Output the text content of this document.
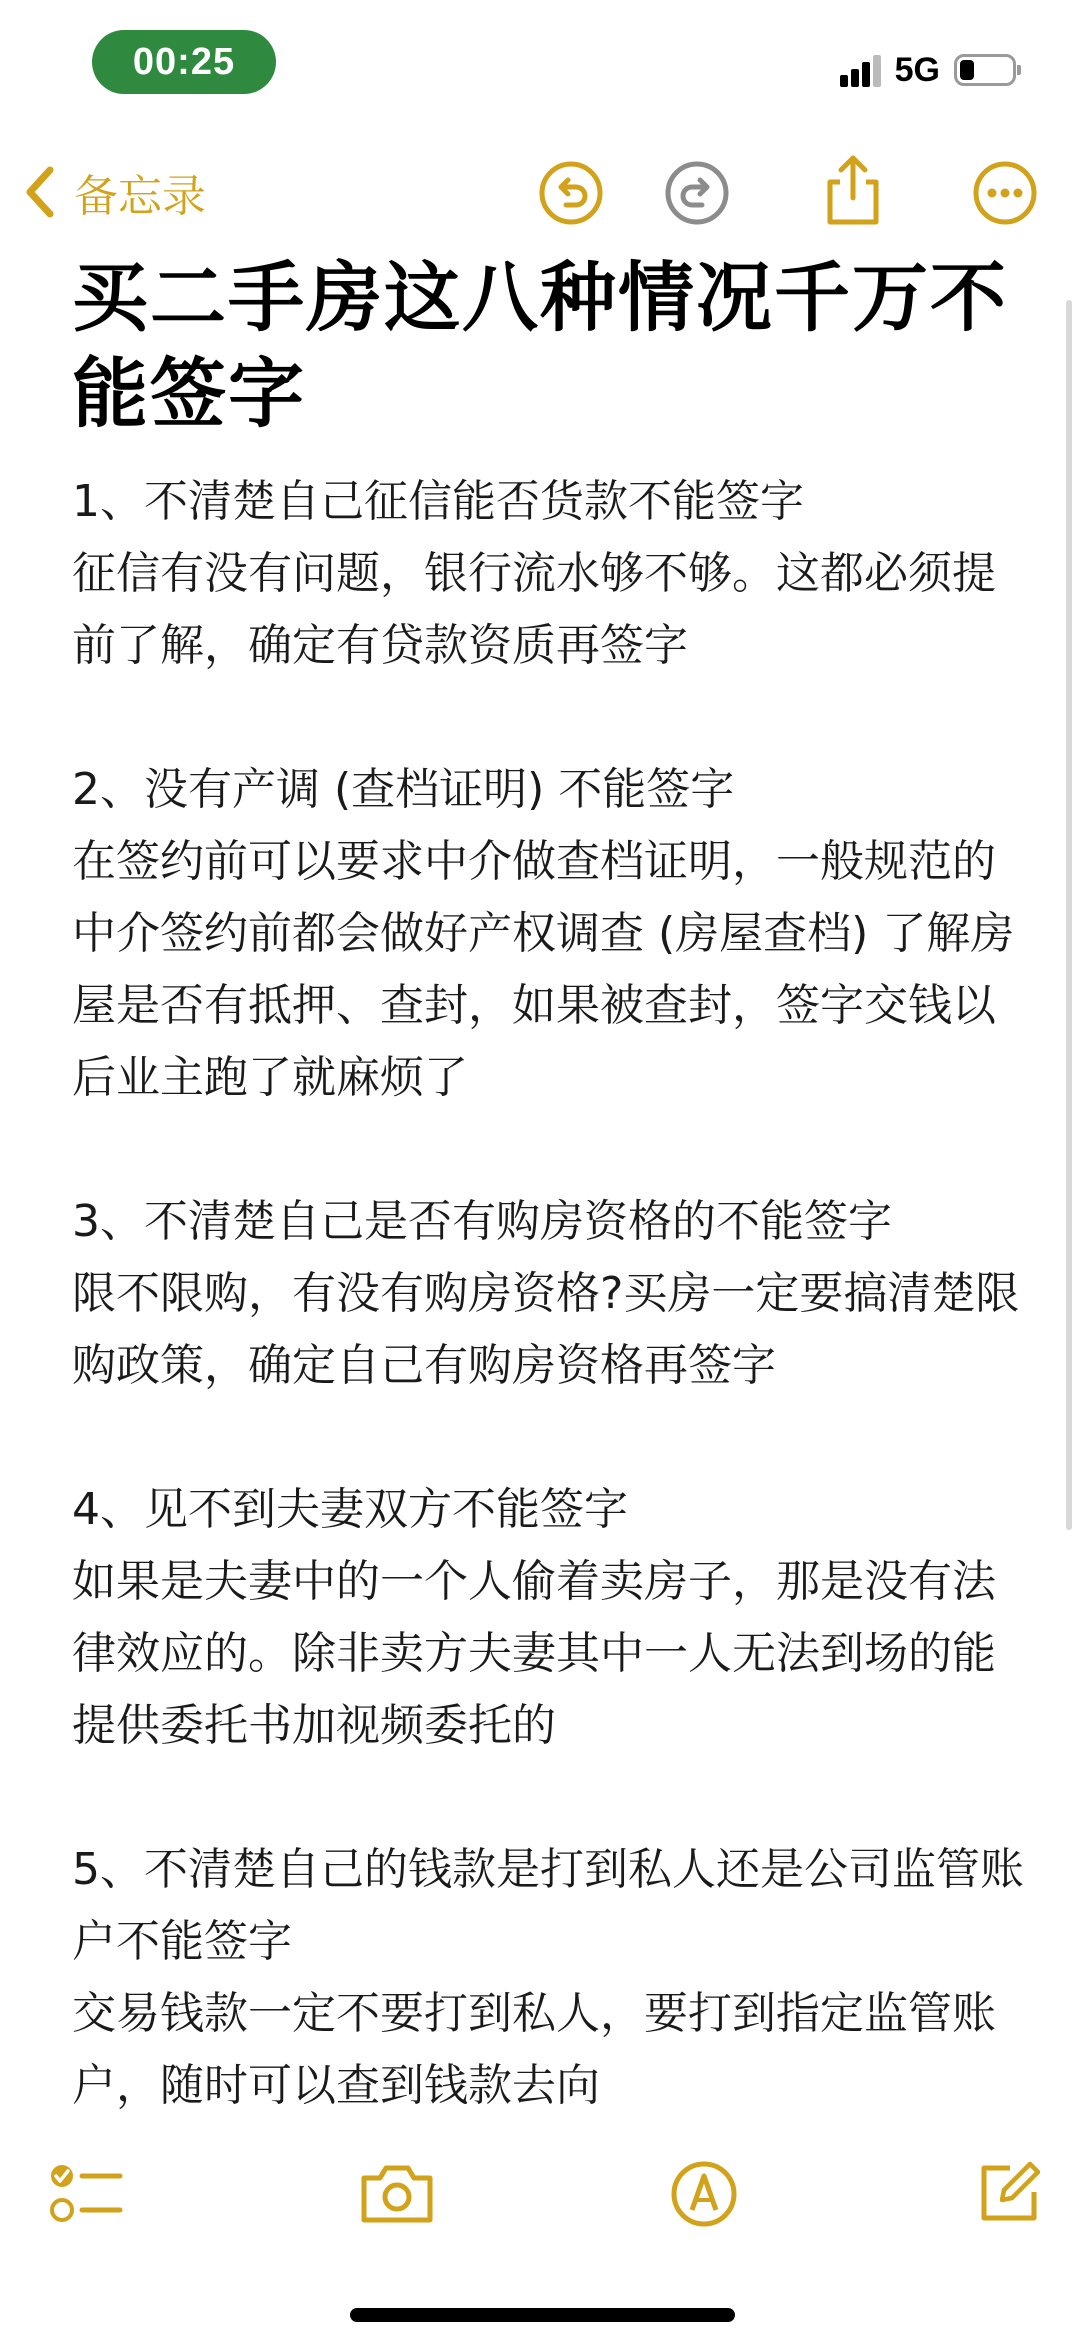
00:25	5G
备忘录
买二手房这八种情况千万不能签字

1、不清楚自己征信能否货款不能签字

征信有没有问题，银行流水够不够。这都必须提前了解，确定有贷款资质再签字

2、没有产调 (查档证明) 不能签字

在签约前可以要求中介做查档证明，一般规范的中介签约前都会做好产权调查 (房屋查档) 了解房屋是否有抵押、查封，如果被查封，签字交钱以后业主跑了就麻烦了

3、不清楚自己是否有购房资格的不能签字

限不限购，有没有购房资格?买房一定要搞清楚限购政策，确定自己有购房资格再签字

4、见不到夫妻双方不能签字

如果是夫妻中的一个人偷着卖房子，那是没有法律效应的。除非卖方夫妻其中一人无法到场的能提供委托书加视频委托的

5、不清楚自己的钱款是打到私人还是公司监管账户不能签字

交易钱款一定不要打到私人，要打到指定监管账户，随时可以查到钱款去向
